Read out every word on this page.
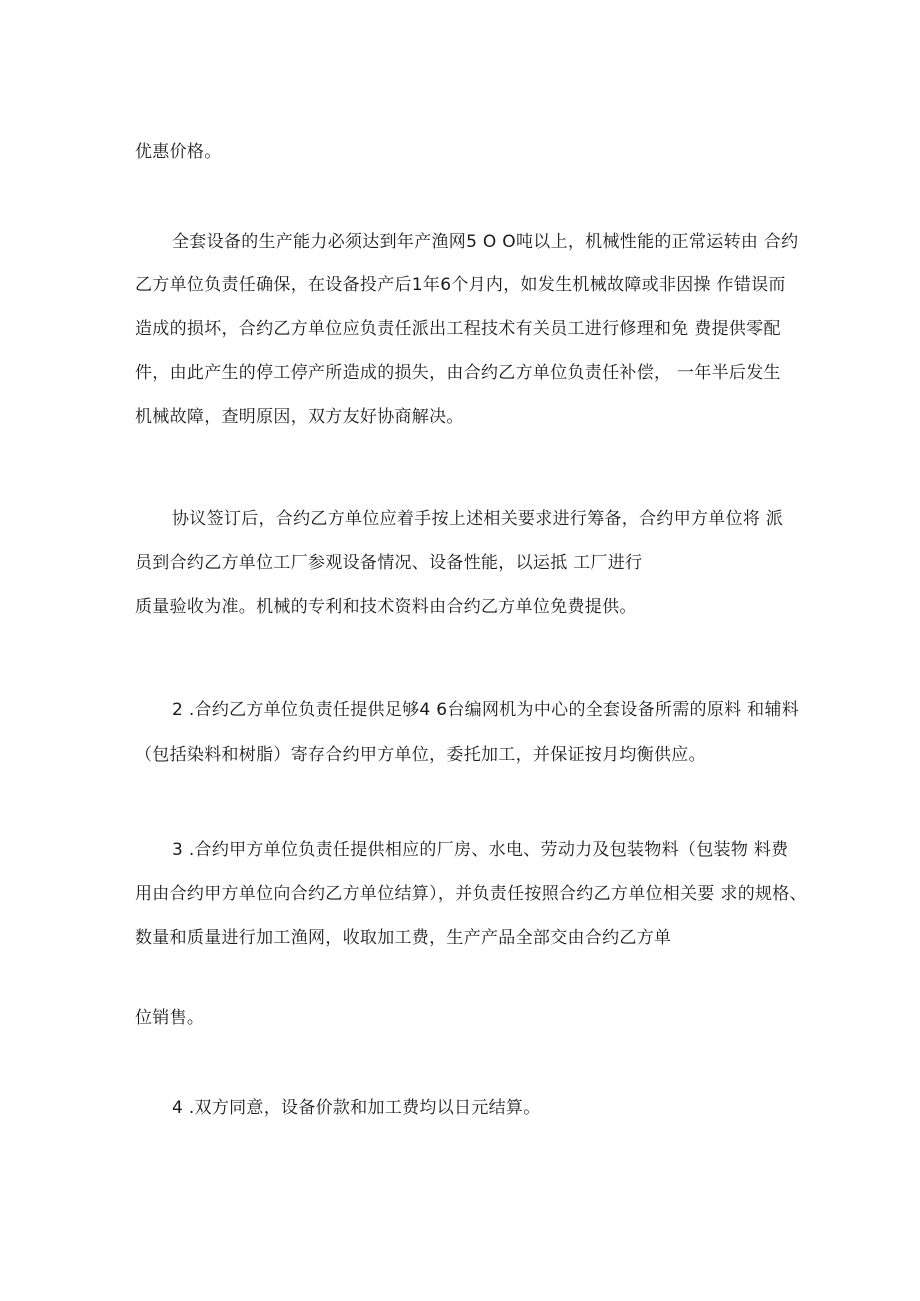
优惠价格。
全套设备的生产能力必须达到年产渔网5 O O吨以上，机械性能的正常运转由 合约
乙方单位负责任确保，在设备投产后1年6个月内，如发生机械故障或非因操 作错误而
造成的损坏，合约乙方单位应负责任派出工程技术有关员工进行修理和免 费提供零配
件，由此产生的停工停产所造成的损失，由合约乙方单位负责任补偿， 一年半后发生
机械故障，查明原因，双方友好协商解决。
协议签订后，合约乙方单位应着手按上述相关要求进行筹备，合约甲方单位将 派
员到合约乙方单位工厂参观设备情况、设备性能，以运抵 工厂进行
质量验收为准。机械的专利和技术资料由合约乙方单位免费提供。
2 .合约乙方单位负责任提供足够4 6台编网机为中心的全套设备所需的原料 和辅料
（包括染料和树脂）寄存合约甲方单位，委托加工，并保证按月均衡供应。
3 .合约甲方单位负责任提供相应的厂房、水电、劳动力及包装物料（包装物 料费
用由合约甲方单位向合约乙方单位结算），并负责任按照合约乙方单位相关要 求的规格、
数量和质量进行加工渔网，收取加工费，生产产品全部交由合约乙方单
位销售。
4 .双方同意，设备价款和加工费均以日元结算。
